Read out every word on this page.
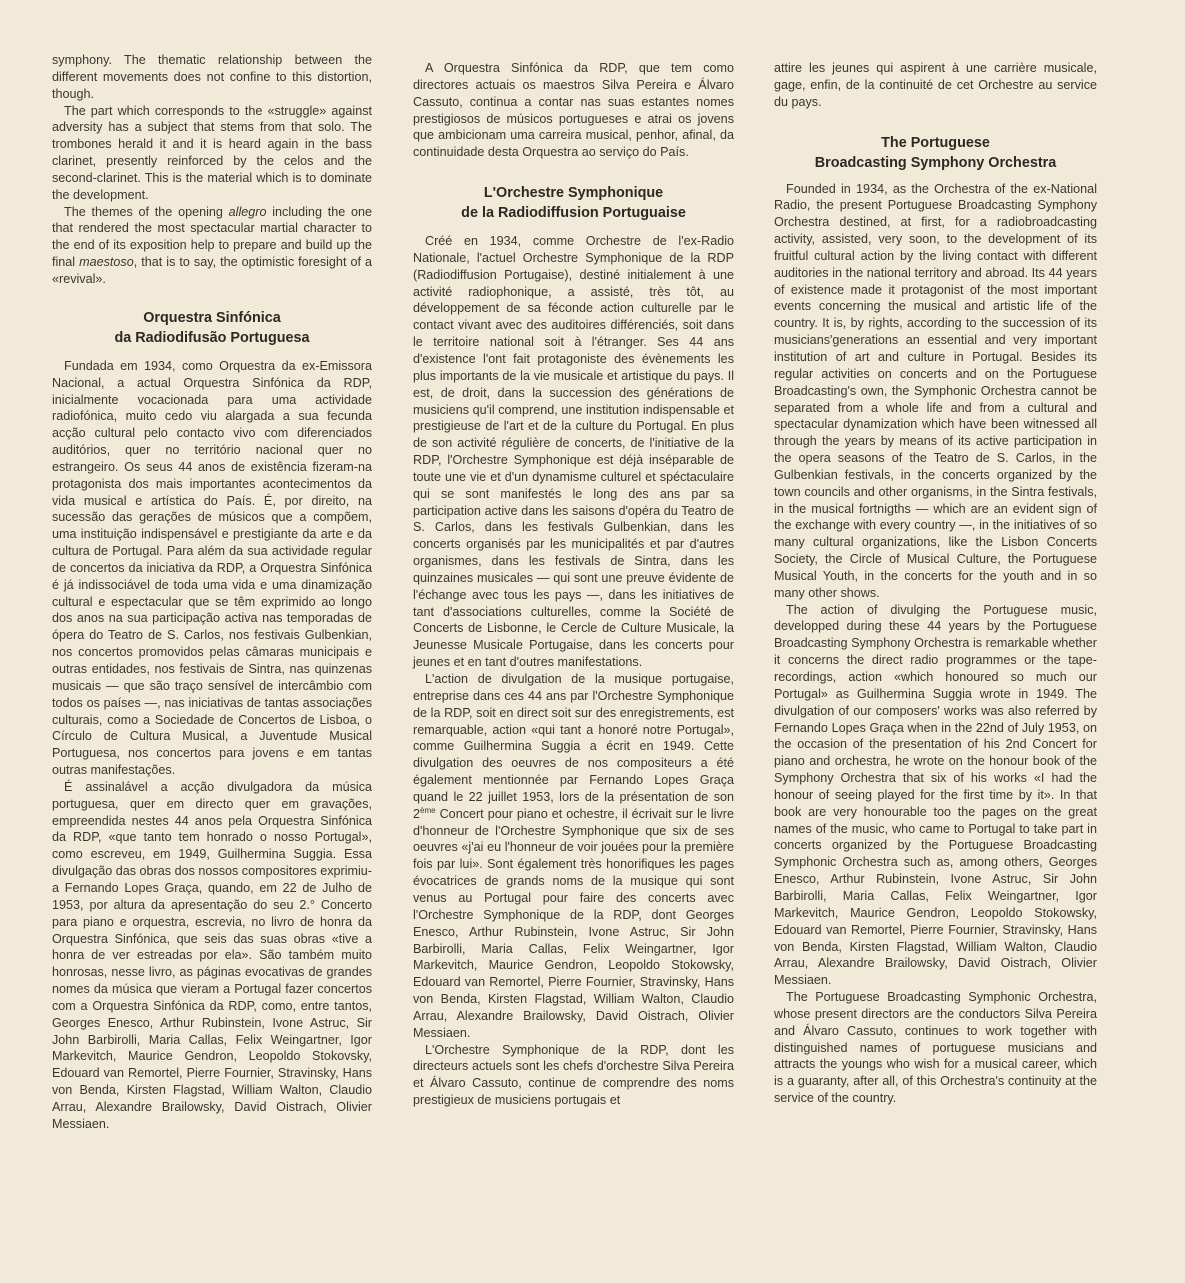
symphony. The thematic relationship between the different movements does not confine to this distortion, though.

The part which corresponds to the «struggle» against adversity has a subject that stems from that solo. The trombones herald it and it is heard again in the bass clarinet, presently reinforced by the celos and the second-clarinet. This is the material which is to dominate the development.

The themes of the opening allegro including the one that rendered the most spectacular martial character to the end of its exposition help to prepare and build up the final maestoso, that is to say, the optimistic foresight of a «revival».

Orquestra Sinfónica
da Radiodifusão Portuguesa

Fundada em 1934, como Orquestra da ex-Emissora Nacional, a actual Orquestra Sinfónica da RDP, inicialmente vocacionada para uma actividade radiofónica, muito cedo viu alargada a sua fecunda acção cultural pelo contacto vivo com diferenciados auditórios, quer no território nacional quer no estrangeiro. Os seus 44 anos de existência fizeram-na protagonista dos mais importantes acontecimentos da vida musical e artística do País. É, por direito, na sucessão das gerações de músicos que a compõem, uma instituição indispensável e prestigiante da arte e da cultura de Portugal. Para além da sua actividade regular de concertos da iniciativa da RDP, a Orquestra Sinfónica é já indissociável de toda uma vida e uma dinamização cultural e espectacular que se têm exprimido ao longo dos anos na sua participação activa nas temporadas de ópera do Teatro de S. Carlos, nos festivais Gulbenkian, nos concertos promovidos pelas câmaras municipais e outras entidades, nos festivais de Sintra, nas quinzenas musicais — que são traço sensível de intercâmbio com todos os países —, nas iniciativas de tantas associações culturais, como a Sociedade de Concertos de Lisboa, o Círculo de Cultura Musical, a Juventude Musical Portuguesa, nos concertos para jovens e em tantas outras manifestações.

É assinalável a acção divulgadora da música portuguesa, quer em directo quer em gravações, empreendida nestes 44 anos pela Orquestra Sinfónica da RDP, «que tanto tem honrado o nosso Portugal», como escreveu, em 1949, Guilhermina Suggia. Essa divulgação das obras dos nossos compositores exprimiu-a Fernando Lopes Graça, quando, em 22 de Julho de 1953, por altura da apresentação do seu 2.° Concerto para piano e orquestra, escrevia, no livro de honra da Orquestra Sinfónica, que seis das suas obras «tive a honra de ver estreadas por ela». São também muito honrosas, nesse livro, as páginas evocativas de grandes nomes da música que vieram a Portugal fazer concertos com a Orquestra Sinfónica da RDP, como, entre tantos, Georges Enesco, Arthur Rubinstein, Ivone Astruc, Sir John Barbirolli, Maria Callas, Felix Weingartner, Igor Markevitch, Maurice Gendron, Leopoldo Stokovsky, Edouard van Remortel, Pierre Fournier, Stravinsky, Hans von Benda, Kirsten Flagstad, William Walton, Claudio Arrau, Alexandre Brailowsky, David Oistrach, Olivier Messiaen.

A Orquestra Sinfónica da RDP, que tem como directores actuais os maestros Silva Pereira e Álvaro Cassuto, continua a contar nas suas estantes nomes prestigiosos de músicos portugueses e atrai os jovens que ambicionam uma carreira musical, penhor, afinal, da continuidade desta Orquestra ao serviço do País.

L'Orchestre Symphonique
de la Radiodiffusion Portuguaise

Créé en 1934, comme Orchestre de l'ex-Radio Nationale, l'actuel Orchestre Symphonique de la RDP (Radiodiffusion Portugaise), destiné initialement à une activité radiophonique, a assisté, très tôt, au développement de sa féconde action culturelle par le contact vivant avec des auditoires différenciés, soit dans le territoire national soit à l'étranger. Ses 44 ans d'existence l'ont fait protagoniste des évènements les plus importants de la vie musicale et artistique du pays. Il est, de droit, dans la succession des générations de musiciens qu'il comprend, une institution indispensable et prestigieuse de l'art et de la culture du Portugal. En plus de son activité régulière de concerts, de l'initiative de la RDP, l'Orchestre Symphonique est déjà inséparable de toute une vie et d'un dynamisme culturel et spéctaculaire qui se sont manifestés le long des ans par sa participation active dans les saisons d'opéra du Teatro de S. Carlos, dans les festivals Gulbenkian, dans les concerts organisés par les municipalités et par d'autres organismes, dans les festivals de Sintra, dans les quinzaines musicales — qui sont une preuve évidente de l'échange avec tous les pays —, dans les initiatives de tant d'associations culturelles, comme la Société de Concerts de Lisbonne, le Cercle de Culture Musicale, la Jeunesse Musicale Portugaise, dans les concerts pour jeunes et en tant d'outres manifestations.

L'action de divulgation de la musique portugaise, entreprise dans ces 44 ans par l'Orchestre Symphonique de la RDP, soit en direct soit sur des enregistrements, est remarquable, action «qui tant a honoré notre Portugal», comme Guilhermina Suggia a écrit en 1949. Cette divulgation des oeuvres de nos compositeurs a été également mentionnée par Fernando Lopes Graça quand le 22 juillet 1953, lors de la présentation de son 2ème Concert pour piano et ochestre, il écrivait sur le livre d'honneur de l'Orchestre Symphonique que six de ses oeuvres «j'ai eu l'honneur de voir jouées pour la première fois par lui». Sont également très honorifiques les pages évocatrices de grands noms de la musique qui sont venus au Portugal pour faire des concerts avec l'Orchestre Symphonique de la RDP, dont Georges Enesco, Arthur Rubinstein, Ivone Astruc, Sir John Barbirolli, Maria Callas, Felix Weingartner, Igor Markevitch, Maurice Gendron, Leopoldo Stokowsky, Edouard van Remortel, Pierre Fournier, Stravinsky, Hans von Benda, Kirsten Flagstad, William Walton, Claudio Arrau, Alexandre Brailowsky, David Oistrach, Olivier Messiaen.

L'Orchestre Symphonique de la RDP, dont les directeurs actuels sont les chefs d'orchestre Silva Pereira et Álvaro Cassuto, continue de comprendre des noms prestigieux de musiciens portugais et

attire les jeunes qui aspirent à une carrière musicale, gage, enfin, de la continuité de cet Orchestre au service du pays.

The Portuguese
Broadcasting Symphony Orchestra

Founded in 1934, as the Orchestra of the ex-National Radio, the present Portuguese Broadcasting Symphony Orchestra destined, at first, for a radiobroadcasting activity, assisted, very soon, to the development of its fruitful cultural action by the living contact with different auditories in the national territory and abroad. Its 44 years of existence made it protagonist of the most important events concerning the musical and artistic life of the country. It is, by rights, according to the succession of its musicians'generations an essential and very important institution of art and culture in Portugal. Besides its regular activities on concerts and on the Portuguese Broadcasting's own, the Symphonic Orchestra cannot be separated from a whole life and from a cultural and spectacular dynamization which have been witnessed all through the years by means of its active participation in the opera seasons of the Teatro de S. Carlos, in the Gulbenkian festivals, in the concerts organized by the town councils and other organisms, in the Sintra festivals, in the musical fortnigths — which are an evident sign of the exchange with every country —, in the initiatives of so many cultural organizations, like the Lisbon Concerts Society, the Circle of Musical Culture, the Portuguese Musical Youth, in the concerts for the youth and in so many other shows.

The action of divulging the Portuguese music, developped during these 44 years by the Portuguese Broadcasting Symphony Orchestra is remarkable whether it concerns the direct radio programmes or the tape-recordings, action «which honoured so much our Portugal» as Guilhermina Suggia wrote in 1949. The divulgation of our composers' works was also referred by Fernando Lopes Graça when in the 22nd of July 1953, on the occasion of the presentation of his 2nd Concert for piano and orchestra, he wrote on the honour book of the Symphony Orchestra that six of his works «I had the honour of seeing played for the first time by it». In that book are very honourable too the pages on the great names of the music, who came to Portugal to take part in concerts organized by the Portuguese Broadcasting Symphonic Orchestra such as, among others, Georges Enesco, Arthur Rubinstein, Ivone Astruc, Sir John Barbirolli, Maria Callas, Felix Weingartner, Igor Markevitch, Maurice Gendron, Leopoldo Stokowsky, Edouard van Remortel, Pierre Fournier, Stravinsky, Hans von Benda, Kirsten Flagstad, William Walton, Claudio Arrau, Alexandre Brailowsky, David Oistrach, Olivier Messiaen.

The Portuguese Broadcasting Symphonic Orchestra, whose present directors are the conductors Silva Pereira and Álvaro Cassuto, continues to work together with distinguished names of portuguese musicians and attracts the youngs who wish for a musical career, which is a guaranty, after all, of this Orchestra's continuity at the service of the country.
